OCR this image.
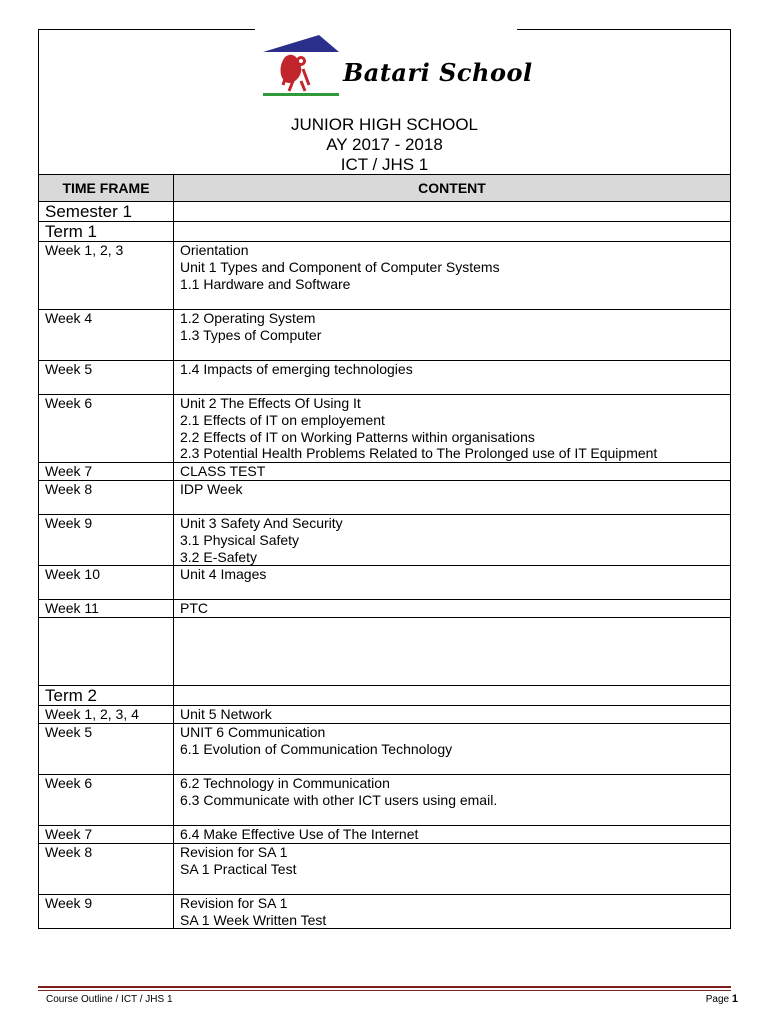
Batari School
JUNIOR HIGH SCHOOL
AY 2017 - 2018
ICT / JHS 1
TIME FRAME	CONTENT
Semester 1	
Term 1	
Week 1, 2, 3	Orientation
Unit 1 Types and Component of Computer Systems
1.1 Hardware and Software
Week 4	1.2 Operating System
1.3 Types of Computer
Week 5	1.4 Impacts of emerging technologies
Week 6	Unit 2 The Effects Of Using It
2.1 Effects of IT on employement
2.2 Effects of IT on Working Patterns within organisations
2.3 Potential Health Problems Related to The Prolonged use of IT Equipment
Week 7	CLASS TEST
Week 8	IDP Week
Week 9	Unit 3 Safety And Security
3.1 Physical Safety
3.2 E-Safety
Week 10	Unit 4 Images
Week 11	PTC

Term 2	
Week 1, 2, 3, 4	Unit 5 Network
Week 5	UNIT 6 Communication
6.1 Evolution of Communication Technology
Week 6	6.2 Technology in Communication
6.3 Communicate with other ICT users using email.
Week 7	6.4 Make Effective Use of The Internet
Week 8	Revision for SA 1
SA 1 Practical Test
Week 9	Revision for SA 1
SA 1 Week Written Test
Course Outline / ICT / JHS 1	Page 1
